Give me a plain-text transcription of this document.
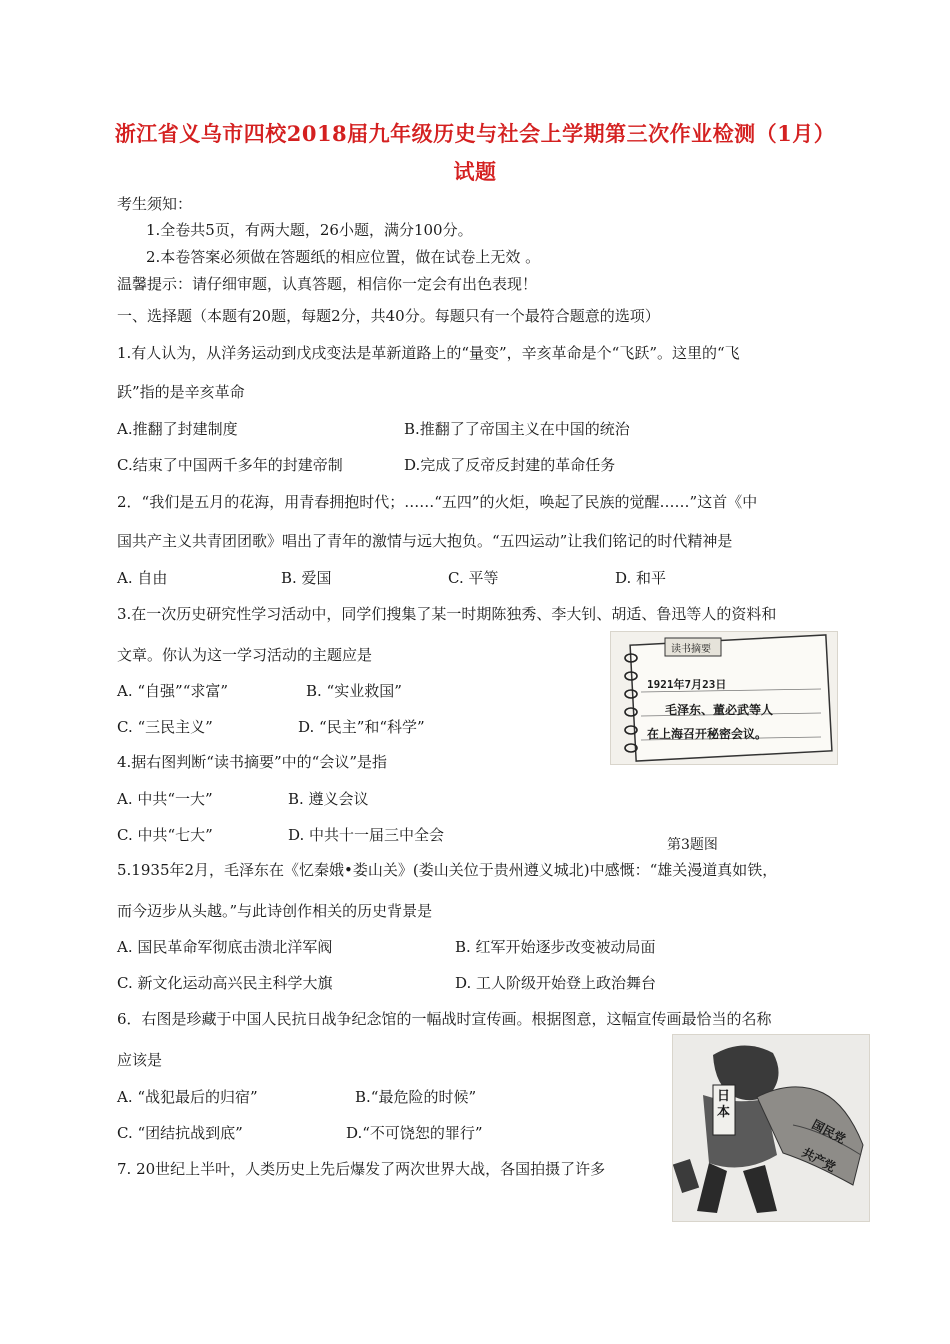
浙江省义乌市四校2018届九年级历史与社会上学期第三次作业检测（1月）
试题
考生须知：
1.全卷共5页，有两大题，26小题，满分100分。
2.本卷答案必须做在答题纸的相应位置，做在试卷上无效 。
温馨提示：请仔细审题，认真答题，相信你一定会有出色表现！
一、选择题（本题有20题，每题2分，共40分。每题只有一个最符合题意的选项）
1.有人认为，从洋务运动到戊戌变法是革新道路上的“量变”，辛亥革命是个“飞跃”。这里的“飞
跃”指的是辛亥革命
A.推翻了封建制度	B.推翻了了帝国主义在中国的统治
C.结束了中国两千多年的封建帝制	D.完成了反帝反封建的革命任务
2．“我们是五月的花海，用青春拥抱时代；……“五四”的火炬，唤起了民族的觉醒……”这首《中
国共产主义共青团团歌》唱出了青年的激情与远大抱负。“五四运动”让我们铭记的时代精神是
A. 自由	B. 爱国	C. 平等	D. 和平
3.在一次历史研究性学习活动中，同学们搜集了某一时期陈独秀、李大钊、胡适、鲁迅等人的资料和
文章。你认为这一学习活动的主题应是
A. “自强”“求富”	B. “实业救国”
C. “三民主义”	D. “民主”和“科学”
4.据右图判断“读书摘要”中的“会议”是指
A. 中共“一大”	B. 遵义会议
C. 中共“七大”	D. 中共十一届三中全会
读书摘要
1921年7月23日
毛泽东、董必武等人
在上海召开秘密会议。
第3题图
5.1935年2月，毛泽东在《忆秦娥•娄山关》(娄山关位于贵州遵义城北)中感慨：“雄关漫道真如铁，
而今迈步从头越。”与此诗创作相关的历史背景是
A. 国民革命军彻底击溃北洋军阀	B. 红军开始逐步改变被动局面
C. 新文化运动高兴民主科学大旗	D. 工人阶级开始登上政治舞台
6．右图是珍藏于中国人民抗日战争纪念馆的一幅战时宣传画。根据图意，这幅宣传画最恰当的名称
应该是
A. “战犯最后的归宿”	B.“最危险的时候”
C. “团结抗战到底”	D.“不可饶恕的罪行”
日本
国民党
共产党
7. 20世纪上半叶，人类历史上先后爆发了两次世界大战，各国拍摄了许多
